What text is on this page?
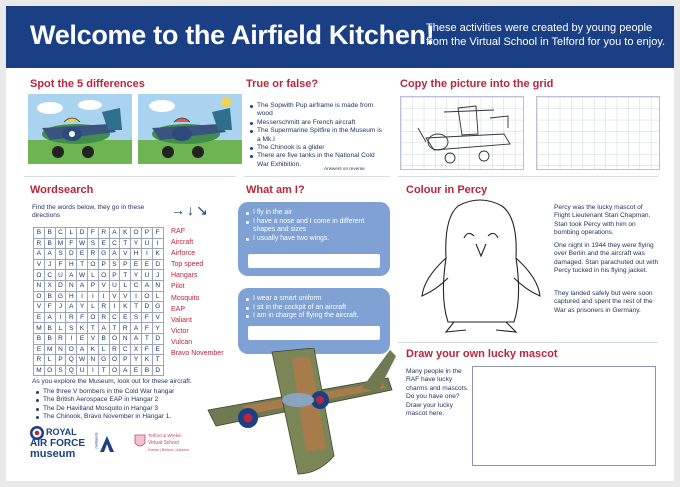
Welcome to the Airfield Kitchen!
These activities were created by young people from the Virtual School in Telford for you to enjoy.
Spot the 5 differences	True or false?
The Sopwith Pup airframe is made from wood
Messerschmitt are French aircraft
The Supermarine Spitfire in the Museum is a Mk.I
The Chinook is a glider
There are five tanks in the National Cold War Exhibition.
Answers on reverse
Copy the picture into the grid
Wordsearch
Find the words below, they go in these directions	→↓↘
B	B	C	L	D	F	R	A	K	O	P	F
R	B	M	F	W	S	E	C	T	Y	U	I
A	A	S	D	E	R	G	A	V	H	I	K
V	J	F	H	T	O	P	S	P	E	E	D
O	C	U	A	W	L	O	P	T	Y	U	J
N	X	D	N	A	P	V	U	L	C	A	N
O	B	G	H	I	I	I	V	V	I	O	L
V	F	J	A	Y	L	R	I	K	T	D	G
E	A	I	R	F	O	R	C	E	S	F	V
M	B	L	S	K	T	A	T	R	A	F	Y
B	B	R	I	E	V	B	O	N	A	T	D
E	M	N	O	A	K	L	R	C	X	F	E
R	L	P	Q	W	N	G	O	P	Y	K	T
M	O	S	Q	U	I	T	O	A	E	B	D
RAF
Aircraft
Airforce
Top speed
Hangars
Pilot
Mosquito
EAP
Valiant
Victor
Vulcan
Bravo November
As you explore the Museum, look out for these aircraft.
The three V bombers in the Cold War hangar
The British Aerospace EAP in Hangar 2
The De Havilland Mosquito in Hangar 3
The Chinook, Bravo November in Hangar 1.
ROYAL
AIR FORCE
museum
midlands	Telford & Wrekin
Virtual School
Dream | Believe | Achieve
What am I?
I fly in the air
I have a nose and I come in different shapes and sizes
I usually have two wings.
I wear a smart uniform
I sit in the cockpit of an aircraft
I am in charge of flying the aircraft.
Colour in Percy
Percy was the lucky mascot of Flight Lieutenant Stan Chapman. Stan took Percy with him on bombing operations.
One night in 1944 they were flying over Berlin and the aircraft was damaged. Stan parachuted out with Percy tucked in his flying jacket.
They landed safely but were soon captured and spent the rest of the War as prisoners in Germany.
Draw your own lucky mascot
Many people in the RAF have lucky charms and mascots. Do you have one?
Draw your lucky mascot here.
